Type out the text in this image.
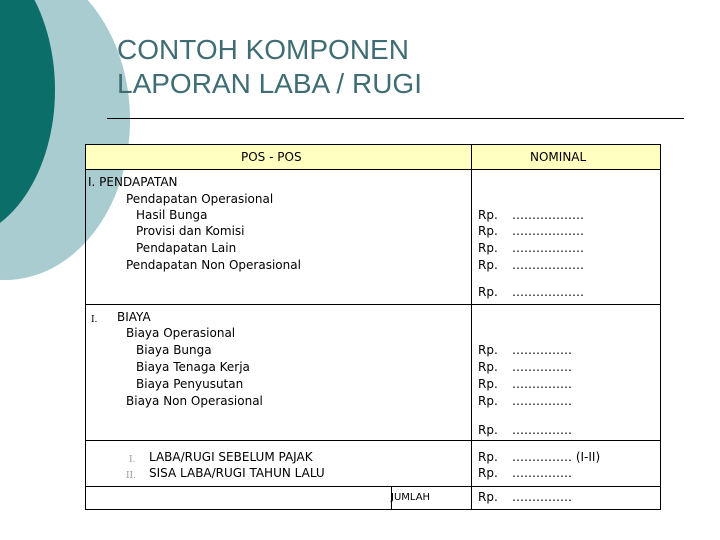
CONTOH KOMPONEN
LAPORAN LABA / RUGI
POS - POS	NOMINAL
I. PENDAPATAN
Pendapatan Operasional
Hasil Bunga
Provisi dan Komisi
Pendapatan Lain
Pendapatan Non Operasional
Rp. ………………
Rp. ………………
Rp. ………………
Rp. ………………
Rp. ………………
I. BIAYA
Biaya Operasional
Biaya Bunga
Biaya Tenaga Kerja
Biaya Penyusutan
Biaya Non Operasional
Rp. ……………
Rp. ……………
Rp. ……………
Rp. ……………
Rp. ……………
I. LABA/RUGI SEBELUM PAJAK
II. SISA LABA/RUGI TAHUN LALU
Rp. …………… (I-II)
Rp. ……………
JUMLAH	Rp. ……………
